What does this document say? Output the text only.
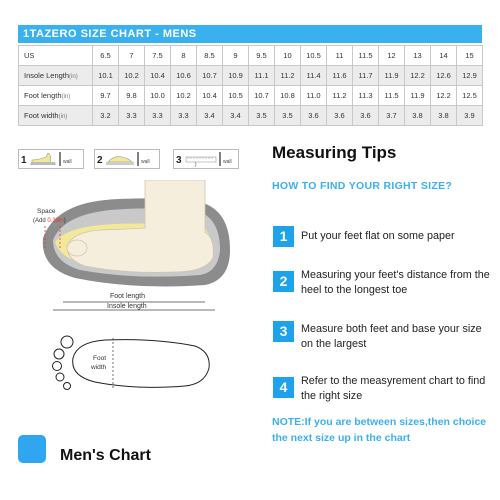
1TAZERO SIZE CHART - MENS
US	6.5	7	7.5	8	8.5	9	9.5	10	10.5	11	11.5	12	13	14	15
Insole Length(in)	10.1	10.2	10.4	10.6	10.7	10.9	11.1	11.2	11.4	11.6	11.7	11.9	12.2	12.6	12.9
Foot length(in)	9.7	9.8	10.0	10.2	10.4	10.5	10.7	10.8	11.0	11.2	11.3	11.5	11.9	12.2	12.5
Foot width(in)	3.2	3.3	3.3	3.3	3.4	3.4	3.5	3.5	3.6	3.6	3.6	3.7	3.8	3.8	3.9
1	wall	2	wall	3	wall
Space
(Add 0.39in)
Foot length
Insole length
Foot
width
Measuring Tips
HOW TO FIND YOUR RIGHT SIZE?
1	Put your feet flat on some paper
2	Measuring your feet's distance from the heel to the longest toe
3	Measure both feet and base your size on the largest
4	Refer to the measyrement chart to find the right size
NOTE:If you are between sizes,then choice the next size up in the chart
Men's Chart
